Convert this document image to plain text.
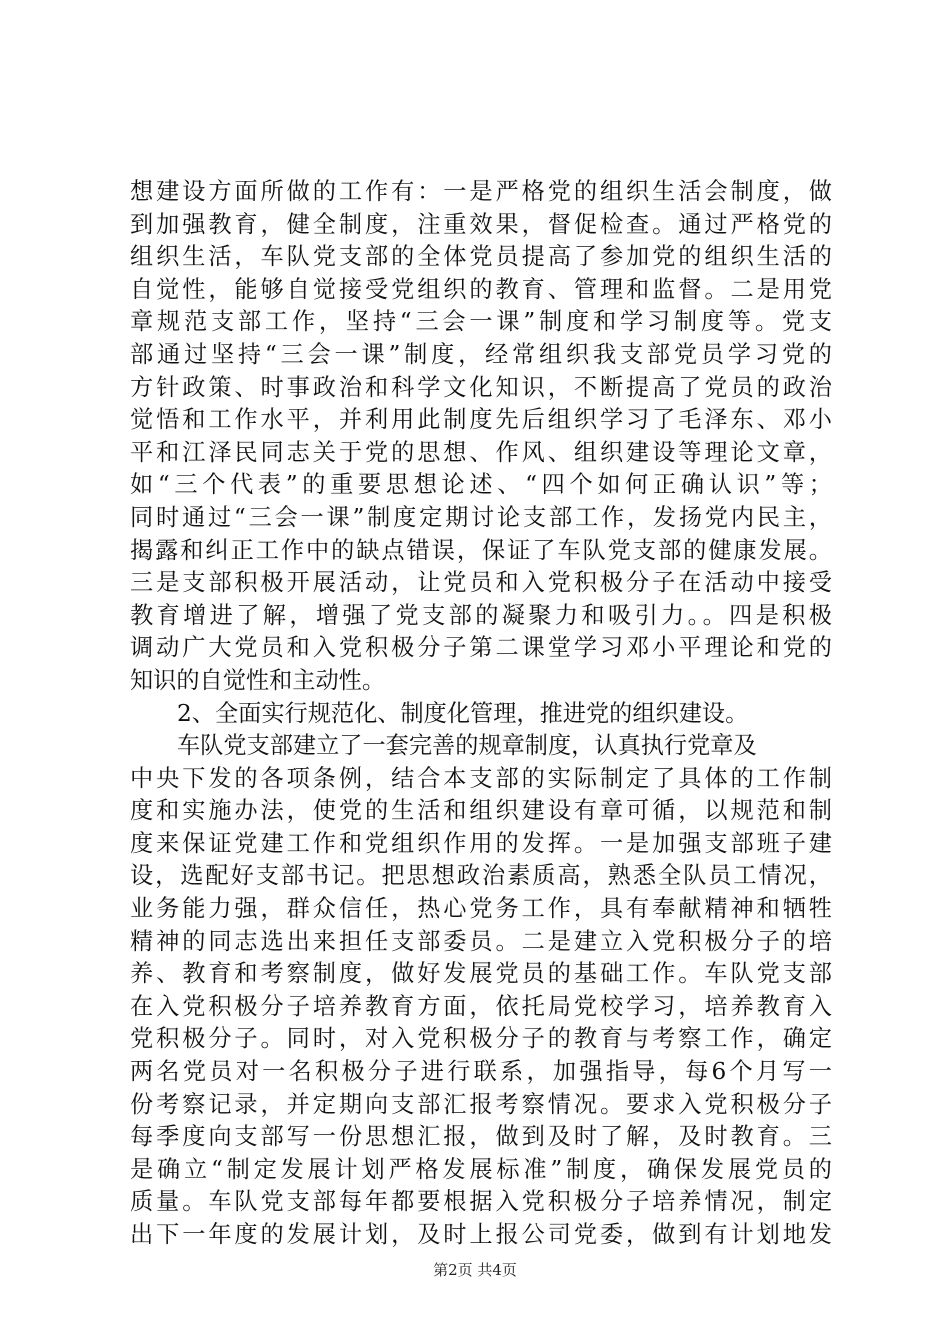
想建设方面所做的工作有：一是严格党的组织生活会制度，做
到加强教育，健全制度，注重效果，督促检查。通过严格党的
组织生活，车队党支部的全体党员提高了参加党的组织生活的
自觉性，能够自觉接受党组织的教育、管理和监督。二是用党
章规范支部工作，坚持“三会一课”制度和学习制度等。党支
部通过坚持“三会一课”制度，经常组织我支部党员学习党的
方针政策、时事政治和科学文化知识，不断提高了党员的政治
觉悟和工作水平，并利用此制度先后组织学习了毛泽东、邓小
平和江泽民同志关于党的思想、作风、组织建设等理论文章，
如“三个代表”的重要思想论述、“四个如何正确认识”等；
同时通过“三会一课”制度定期讨论支部工作，发扬党内民主，
揭露和纠正工作中的缺点错误，保证了车队党支部的健康发展。
三是支部积极开展活动，让党员和入党积极分子在活动中接受
教育增进了解，增强了党支部的凝聚力和吸引力。。四是积极
调动广大党员和入党积极分子第二课堂学习邓小平理论和党的
知识的自觉性和主动性。
2、全面实行规范化、制度化管理，推进党的组织建设。
车队党支部建立了一套完善的规章制度，认真执行党章及
中央下发的各项条例，结合本支部的实际制定了具体的工作制
度和实施办法，使党的生活和组织建设有章可循，以规范和制
度来保证党建工作和党组织作用的发挥。一是加强支部班子建
设，选配好支部书记。把思想政治素质高，熟悉全队员工情况，
业务能力强，群众信任，热心党务工作，具有奉献精神和牺牲
精神的同志选出来担任支部委员。二是建立入党积极分子的培
养、教育和考察制度，做好发展党员的基础工作。车队党支部
在入党积极分子培养教育方面，依托局党校学习，培养教育入
党积极分子。同时，对入党积极分子的教育与考察工作，确定
两名党员对一名积极分子进行联系，加强指导，每6个月写一
份考察记录，并定期向支部汇报考察情况。要求入党积极分子
每季度向支部写一份思想汇报，做到及时了解，及时教育。三
是确立“制定发展计划严格发展标准”制度，确保发展党员的
质量。车队党支部每年都要根据入党积极分子培养情况，制定
出下一年度的发展计划，及时上报公司党委，做到有计划地发
第2页 共4页
